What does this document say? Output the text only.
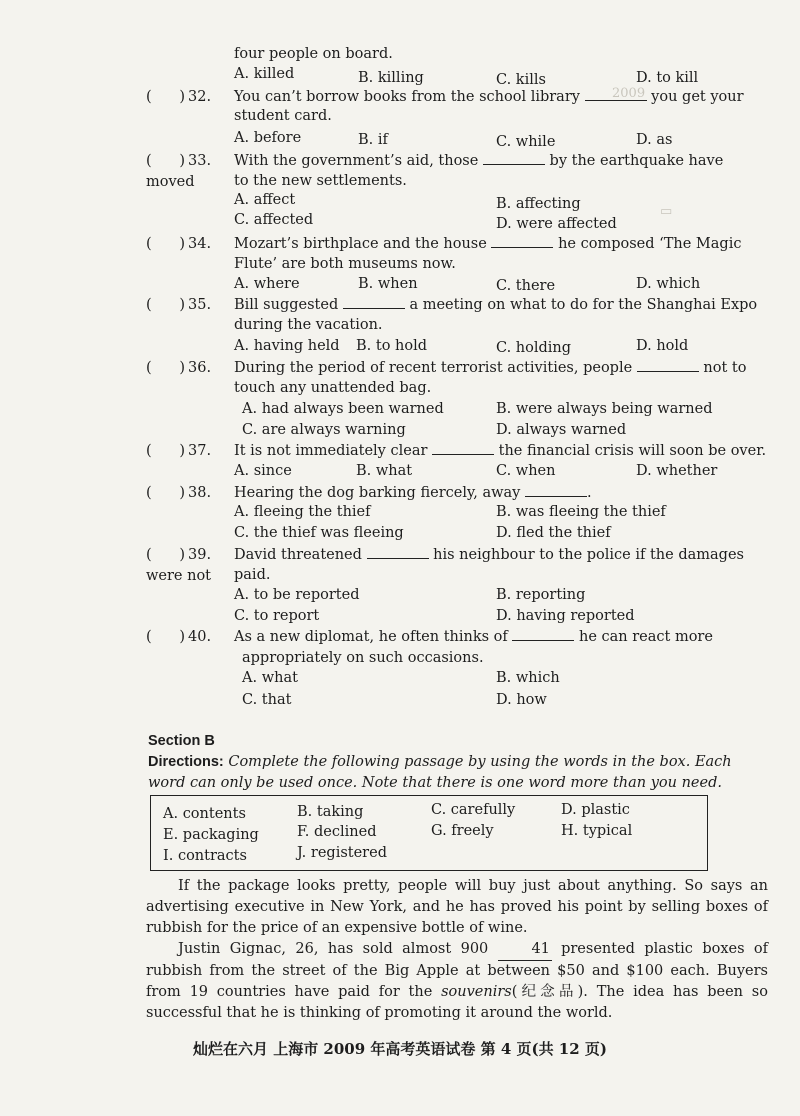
2009
▭
four people on board.
A. killed	B. killing	C. kills	D. to kill
( ) 32. You can’t borrow books from the school library	you get your
student card.
A. before	B. if	C. while	D. as
( ) 33. With the government’s aid, those	by the earthquake have moved	to the new settlements.
A. affect	B. affecting
C. affected	D. were affected
( ) 34. Mozart’s birthplace and the house	he composed ‘The Magic
Flute’ are both museums now.
A. where	B. when	C. there	D. which
( ) 35. Bill suggested	a meeting on what to do for the Shanghai Expo
during the vacation.
A. having held B. to hold	C. holding	D. hold
( ) 36. During the period of recent terrorist activities, people	not to
touch any unattended bag.
A. had always been warned	B. were always being warned
C. are always warning	D. always warned
( ) 37. It is not immediately clear	the financial crisis will soon be over.
A. since	B. what	C. when	D. whether
( ) 38. Hearing the dog barking fiercely, away	.
A. fleeing the thief	B. was fleeing the thief
C. the thief was fleeing	D. fled the thief
( ) 39. David threatened	his neighbour to the police if the damages were not	paid.
A. to be reported	B. reporting
C. to report	D. having reported
( ) 40. As a new diplomat, he often thinks of	he can react more
appropriately on such occasions.
A. what	B. which
C. that	D. how
Section B
Directions: Complete the following passage by using the words in the box. Each word can only be used once. Note that there is one word more than you need.
A. contents	B. taking	C. carefully	D. plastic
E. packaging	F. declined	G. freely	H. typical
I. contracts	J. registered
If the package looks pretty, people will buy just about anything. So says an advertising executive in New York, and he has proved his point by selling boxes of rubbish for the price of an expensive bottle of wine.
Justin Gignac, 26, has sold almost 900	41 presented plastic boxes of rubbish from the street of the Big Apple at between $50 and $100 each. Buyers from 19 countries have paid for the souvenirs(纪念品). The idea has been so successful that he is thinking of promoting it around the world.
灿烂在六月 上海市 2009 年高考英语试卷 第 4 页(共 12 页)
